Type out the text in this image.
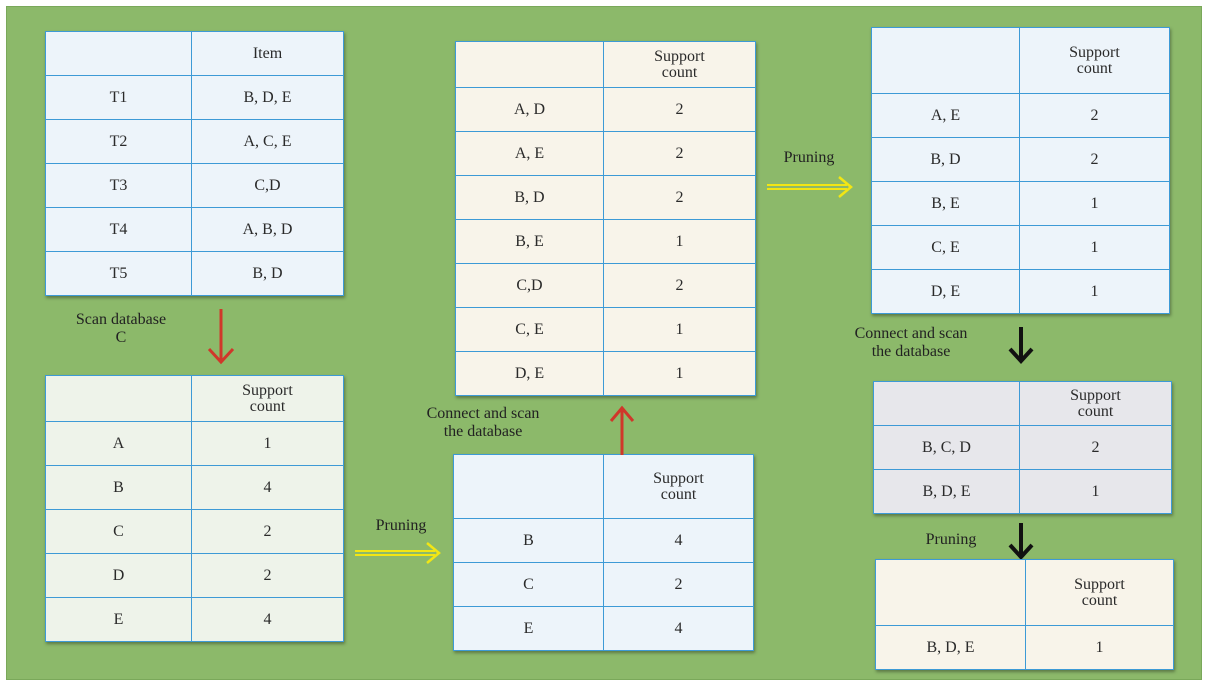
	Item
T1	B, D, E
T2	A, C, E
T3	C,D
T4	A, B, D
T5	B, D
Scan database
C

	Support
count

A	1
B	4
C	2
D	2
E	4
Pruning

	Support
count

B	4
C	2
E	4
Connect and scan
the database

	Support
count

A, D	2
A, E	2
B, D	2
B, E	1
C,D	2
C, E	1
D, E	1
Pruning

	Support
count

A, E	2
B, D	2
B, E	1
C, E	1
D, E	1
Connect and scan
the database

	Support
count

B, C, D	2
B, D, E	1
Pruning

	Support
count

B, D, E	1
